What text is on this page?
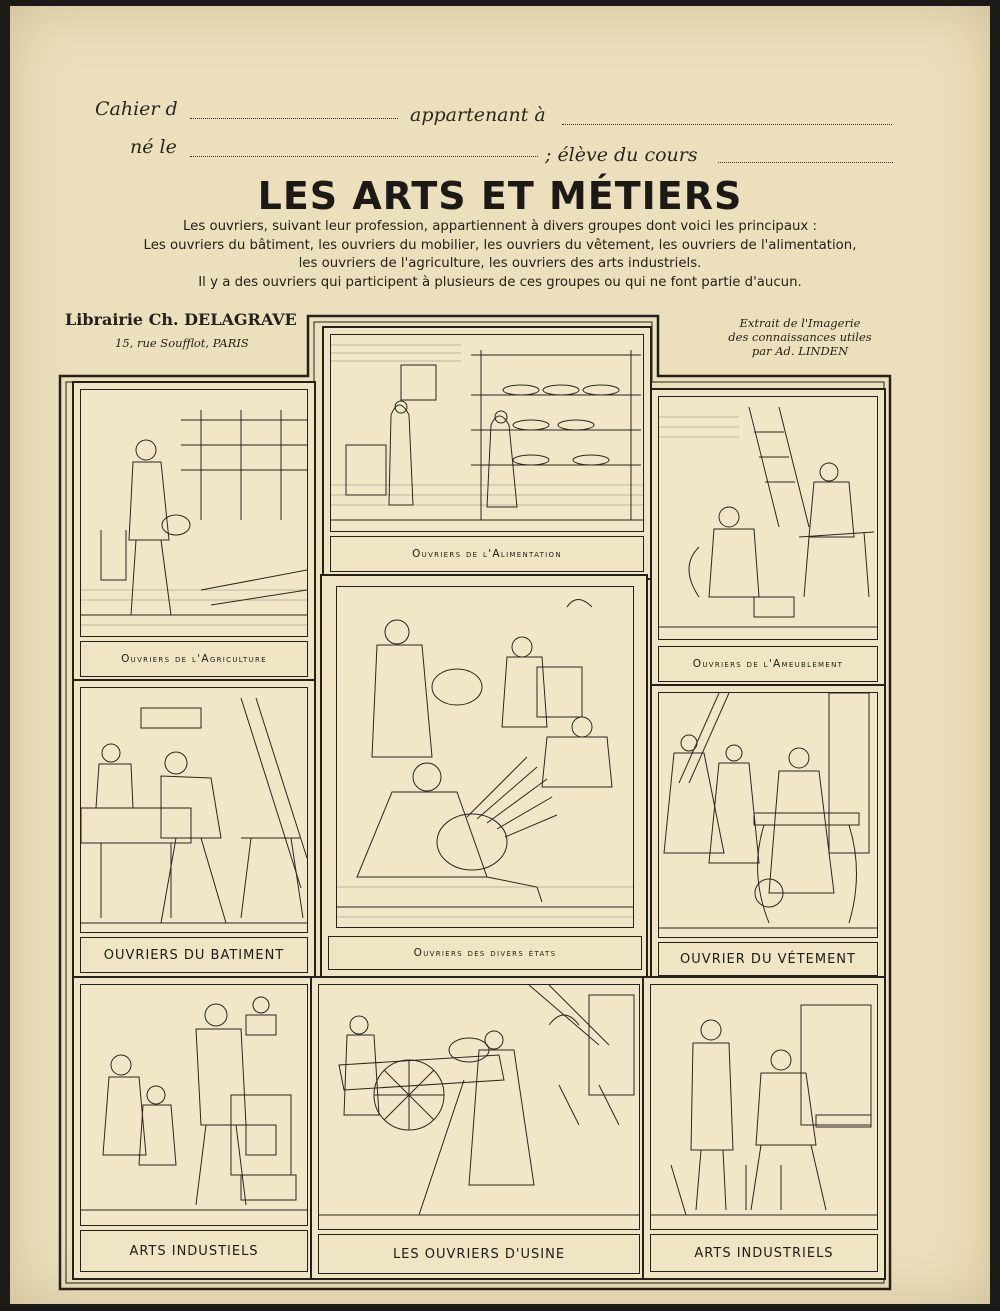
Cahier d	appartenant à
né le	; élève du cours
LES ARTS ET MÉTIERS
Les ouvriers, suivant leur profession, appartiennent à divers groupes dont voici les principaux :
Les ouvriers du bâtiment, les ouvriers du mobilier, les ouvriers du vêtement, les ouvriers de l'alimentation,
les ouvriers de l'agriculture, les ouvriers des arts industriels.
Il y a des ouvriers qui participent à plusieurs de ces groupes ou qui ne font partie d'aucun.
Librairie Ch. DELAGRAVE
15, rue Soufflot, PARIS
Extrait de l'Imagerie
des connaissances utiles
par Ad. LINDEN
Ouvriers de l'Alimentation
Ouvriers de l'Agriculture	Ouvriers de l'Ameublement
Ouvriers des divers états
OUVRIERS DU BATIMENT	OUVRIER DU VÉTEMENT
ARTS INDUSTIELS	LES OUVRIERS D'USINE	ARTS INDUSTRIELS
